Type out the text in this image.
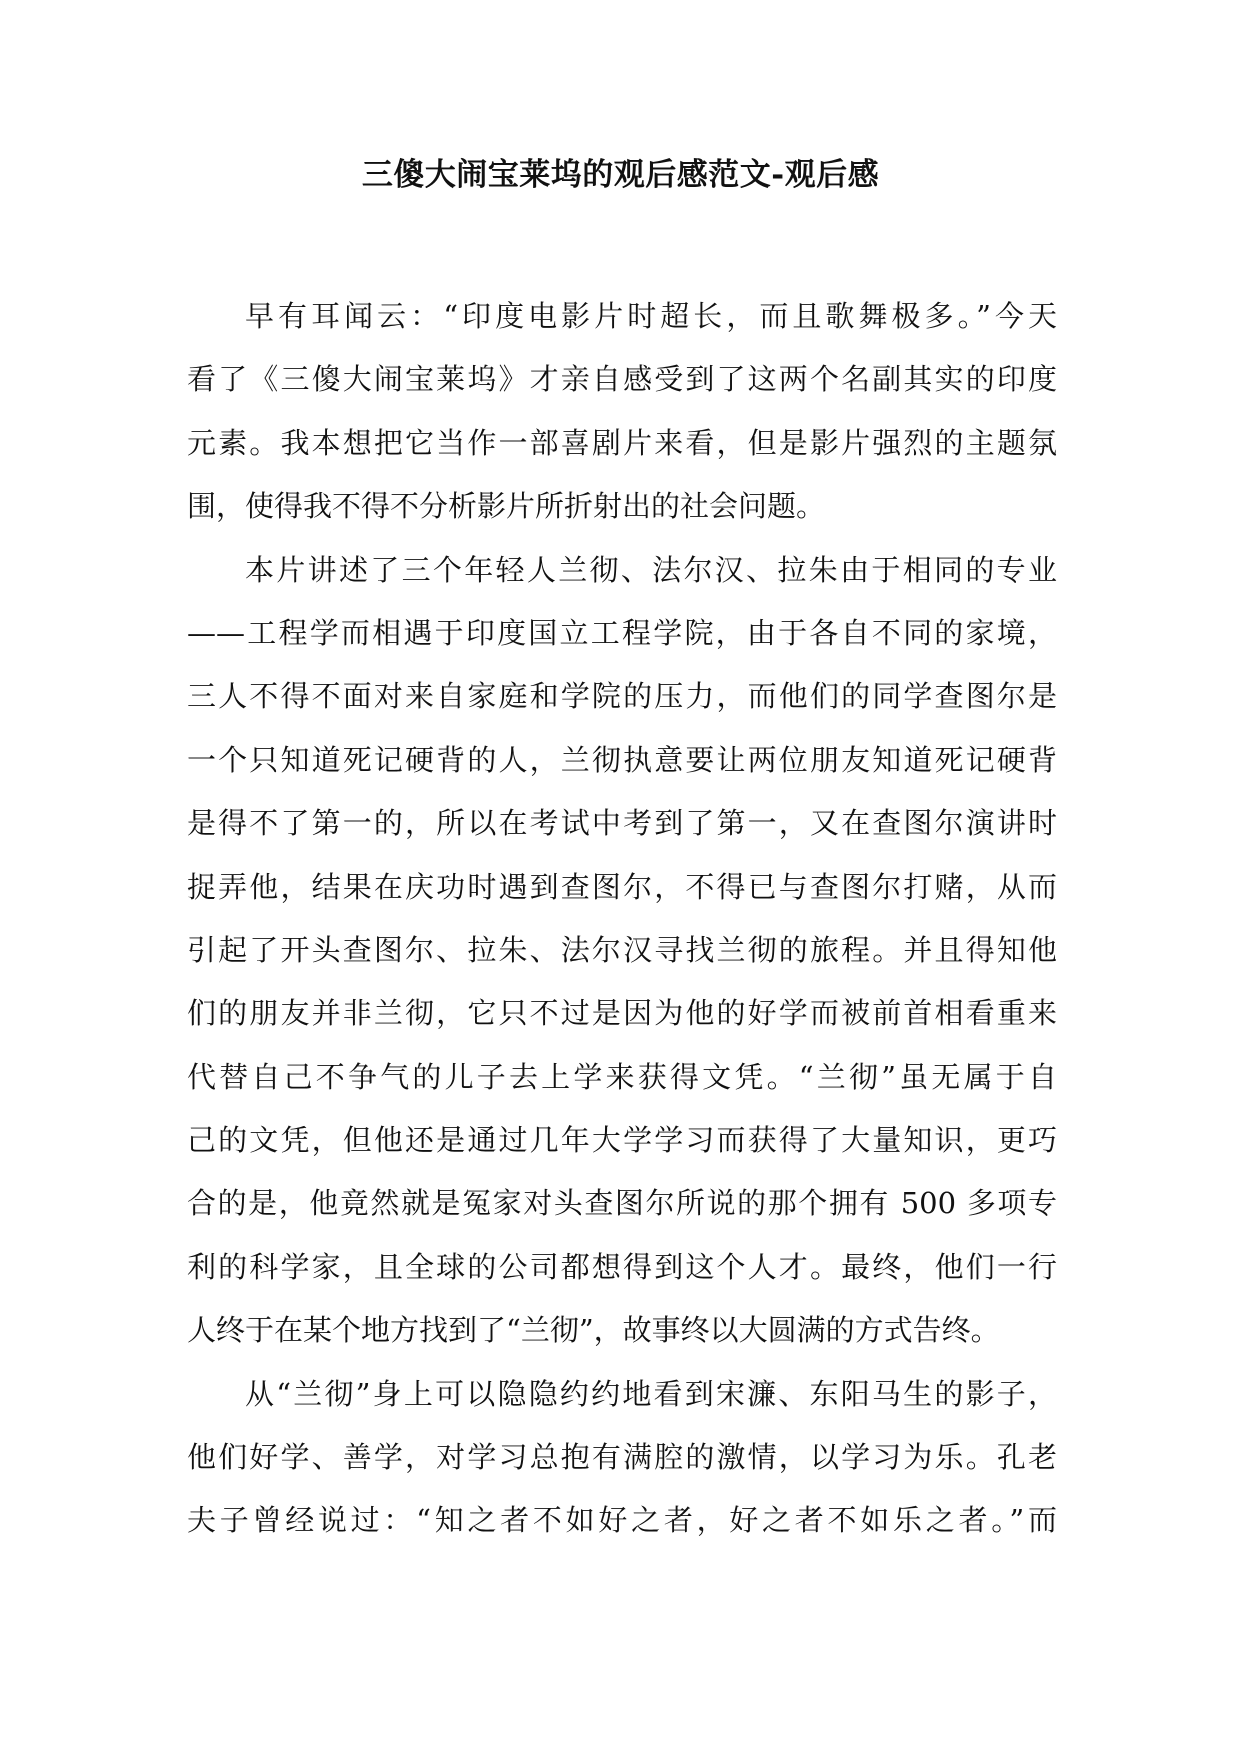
三傻大闹宝莱坞的观后感范文-观后感
早有耳闻云：“印度电影片时超长，而且歌舞极多。”今天
看了《三傻大闹宝莱坞》才亲自感受到了这两个名副其实的印度
元素。我本想把它当作一部喜剧片来看，但是影片强烈的主题氛
围，使得我不得不分析影片所折射出的社会问题。
本片讲述了三个年轻人兰彻、法尔汉、拉朱由于相同的专业
——工程学而相遇于印度国立工程学院，由于各自不同的家境，
三人不得不面对来自家庭和学院的压力，而他们的同学查图尔是
一个只知道死记硬背的人，兰彻执意要让两位朋友知道死记硬背
是得不了第一的，所以在考试中考到了第一，又在查图尔演讲时
捉弄他，结果在庆功时遇到查图尔，不得已与查图尔打赌，从而
引起了开头查图尔、拉朱、法尔汉寻找兰彻的旅程。并且得知他
们的朋友并非兰彻，它只不过是因为他的好学而被前首相看重来
代替自己不争气的儿子去上学来获得文凭。“兰彻”虽无属于自
己的文凭，但他还是通过几年大学学习而获得了大量知识，更巧
合的是，他竟然就是冤家对头查图尔所说的那个拥有 500 多项专
利的科学家，且全球的公司都想得到这个人才。最终，他们一行
人终于在某个地方找到了“兰彻”，故事终以大圆满的方式告终。
从“兰彻”身上可以隐隐约约地看到宋濂、东阳马生的影子，
他们好学、善学，对学习总抱有满腔的激情，以学习为乐。孔老
夫子曾经说过：“知之者不如好之者，好之者不如乐之者。”而
